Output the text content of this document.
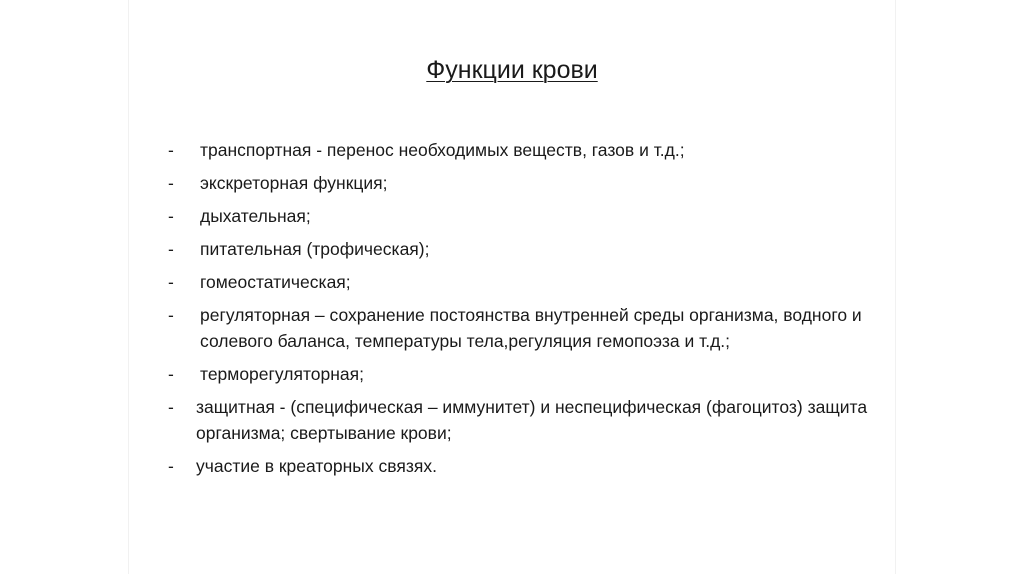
Функции крови
-	транспортная - перенос необходимых веществ, газов и т.д.;
-	экскреторная функция;
-	дыхательная;
-	питательная (трофическая);
-	гомеостатическая;
-	регуляторная – сохранение постоянства внутренней среды организма, водного и солевого баланса, температуры тела,регуляция гемопоэза и т.д.;
-	терморегуляторная;
-	защитная - (специфическая – иммунитет) и неспецифическая (фагоцитоз) защита организма; свертывание крови;
-	участие в креаторных связях.
